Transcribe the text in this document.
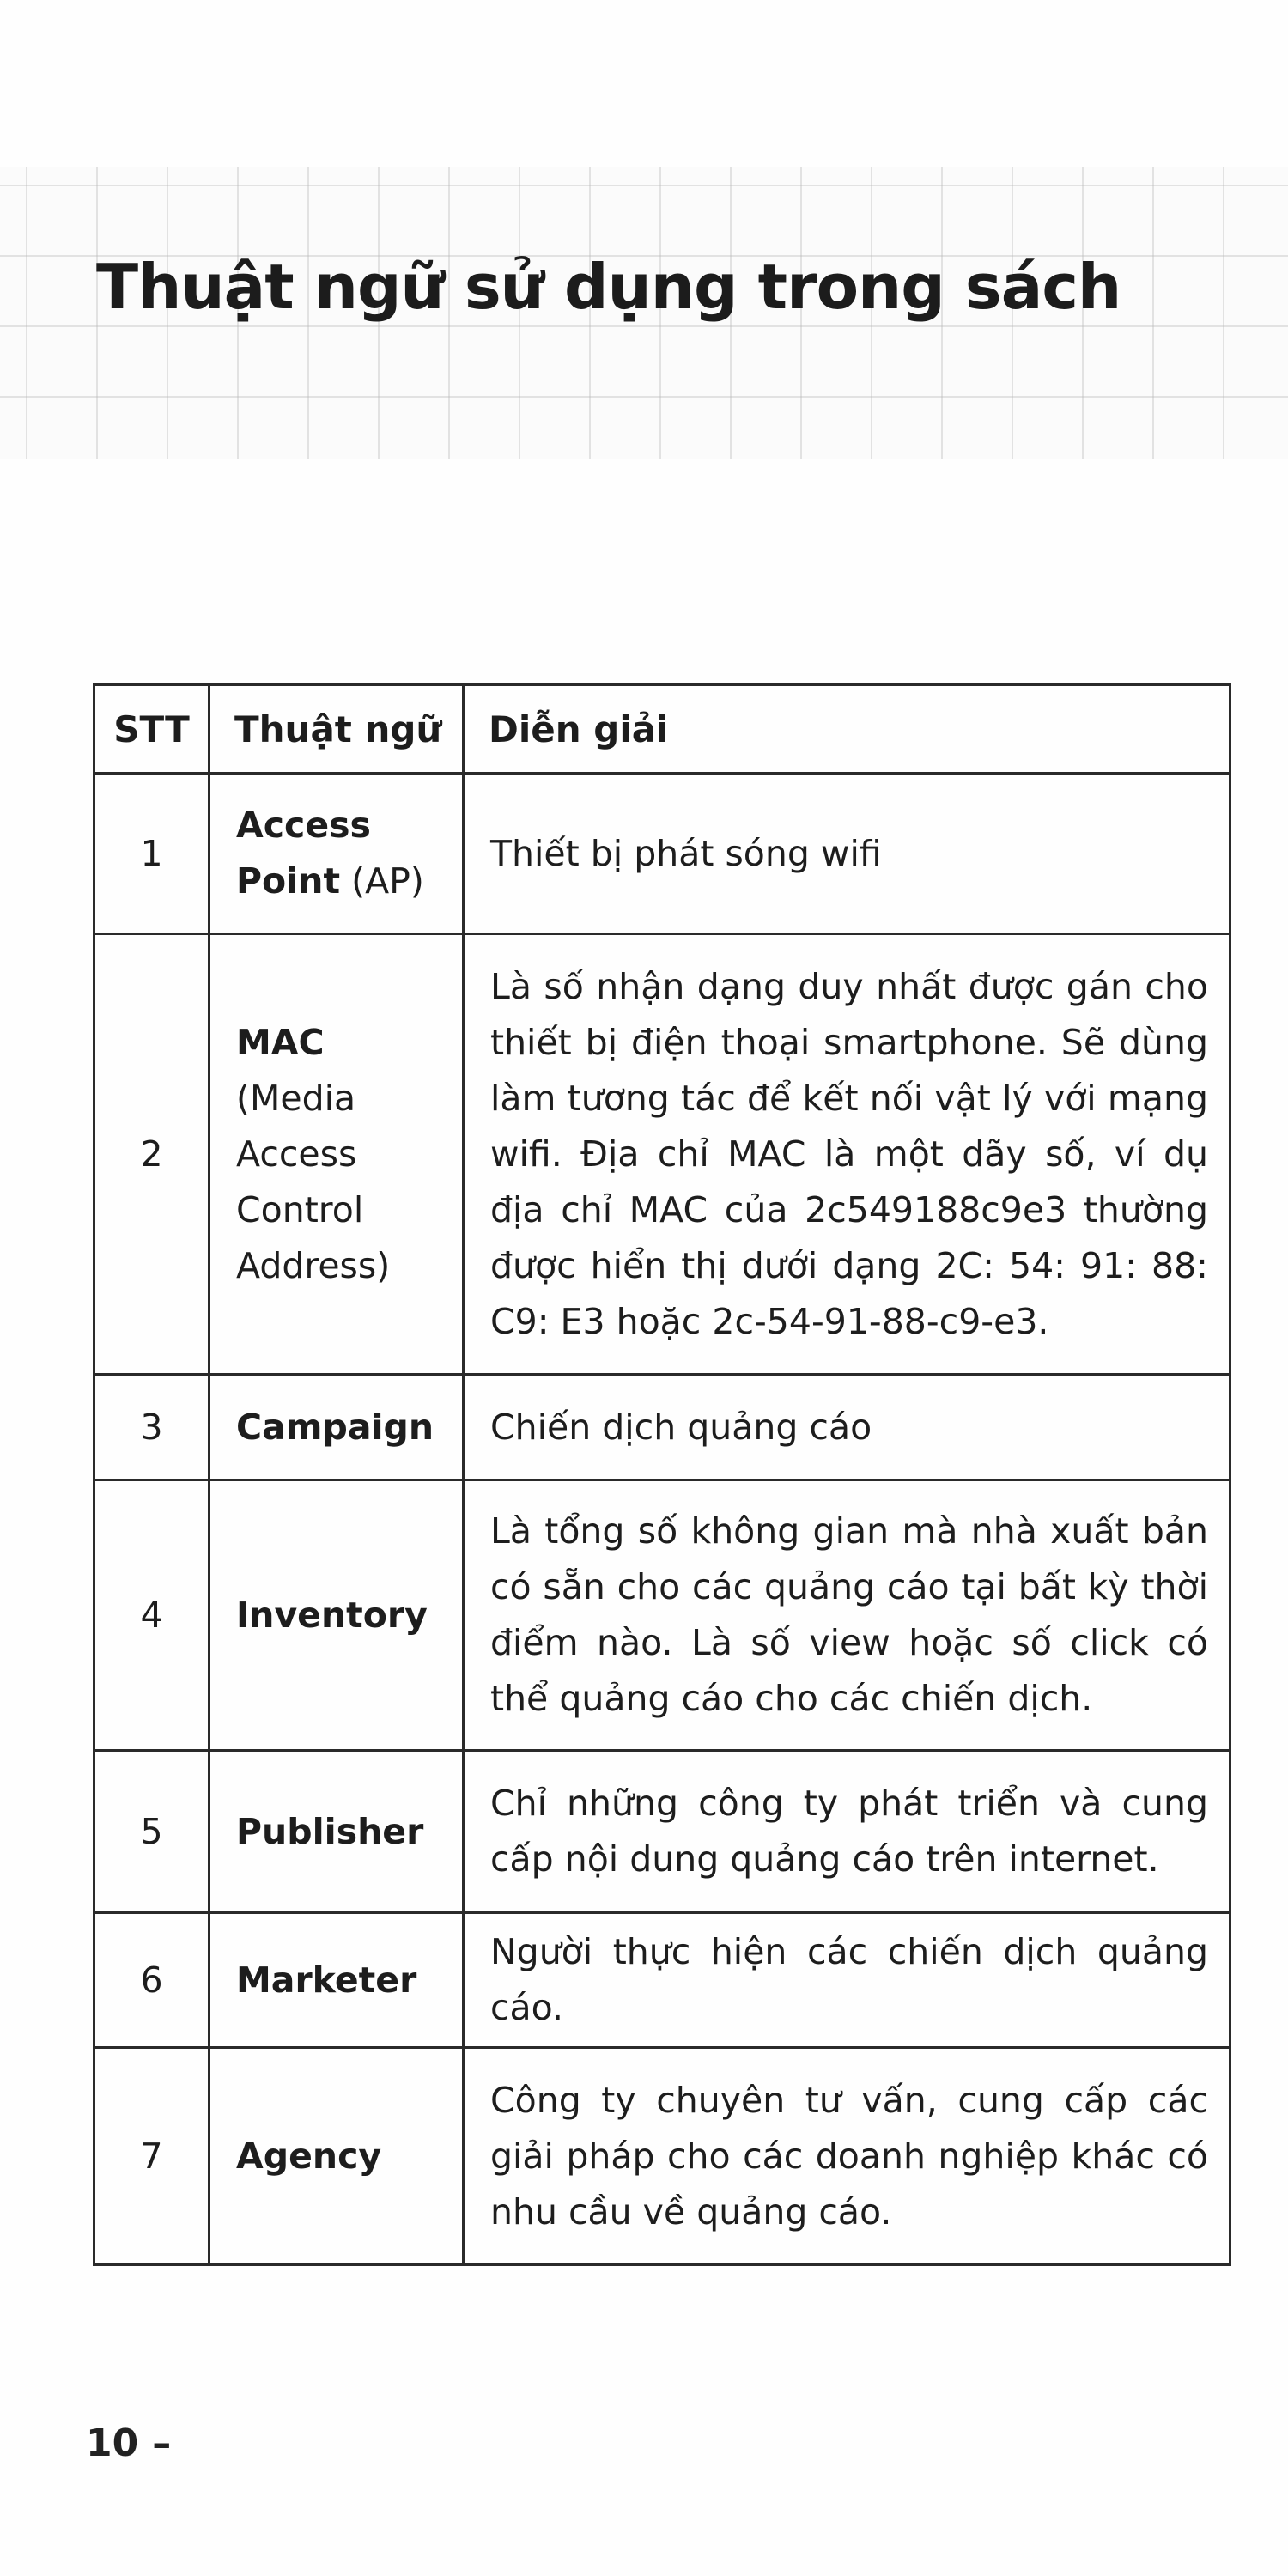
Thuật ngữ sử dụng trong sách
STT	Thuật ngữ	Diễn giải
1	Access Point (AP)	Thiết bị phát sóng wifi
2	MAC (Media Access Control Address)	Là số nhận dạng duy nhất được gán cho thiết bị điện thoại smartphone. Sẽ dùng làm tương tác để kết nối vật lý với mạng wifi. Địa chỉ MAC là một dãy số, ví dụ địa chỉ MAC của 2c549188c9e3 thường được hiển thị dưới dạng 2C: 54: 91: 88: C9: E3 hoặc 2c-54-91-88-c9-e3.
3	Campaign	Chiến dịch quảng cáo
4	Inventory	Là tổng số không gian mà nhà xuất bản có sẵn cho các quảng cáo tại bất kỳ thời điểm nào. Là số view hoặc số click có thể quảng cáo cho các chiến dịch.
5	Publisher	Chỉ những công ty phát triển và cung cấp nội dung quảng cáo trên internet.
6	Marketer	Người thực hiện các chiến dịch quảng cáo.
7	Agency	Công ty chuyên tư vấn, cung cấp các giải pháp cho các doanh nghiệp khác có nhu cầu về quảng cáo.
10 –
